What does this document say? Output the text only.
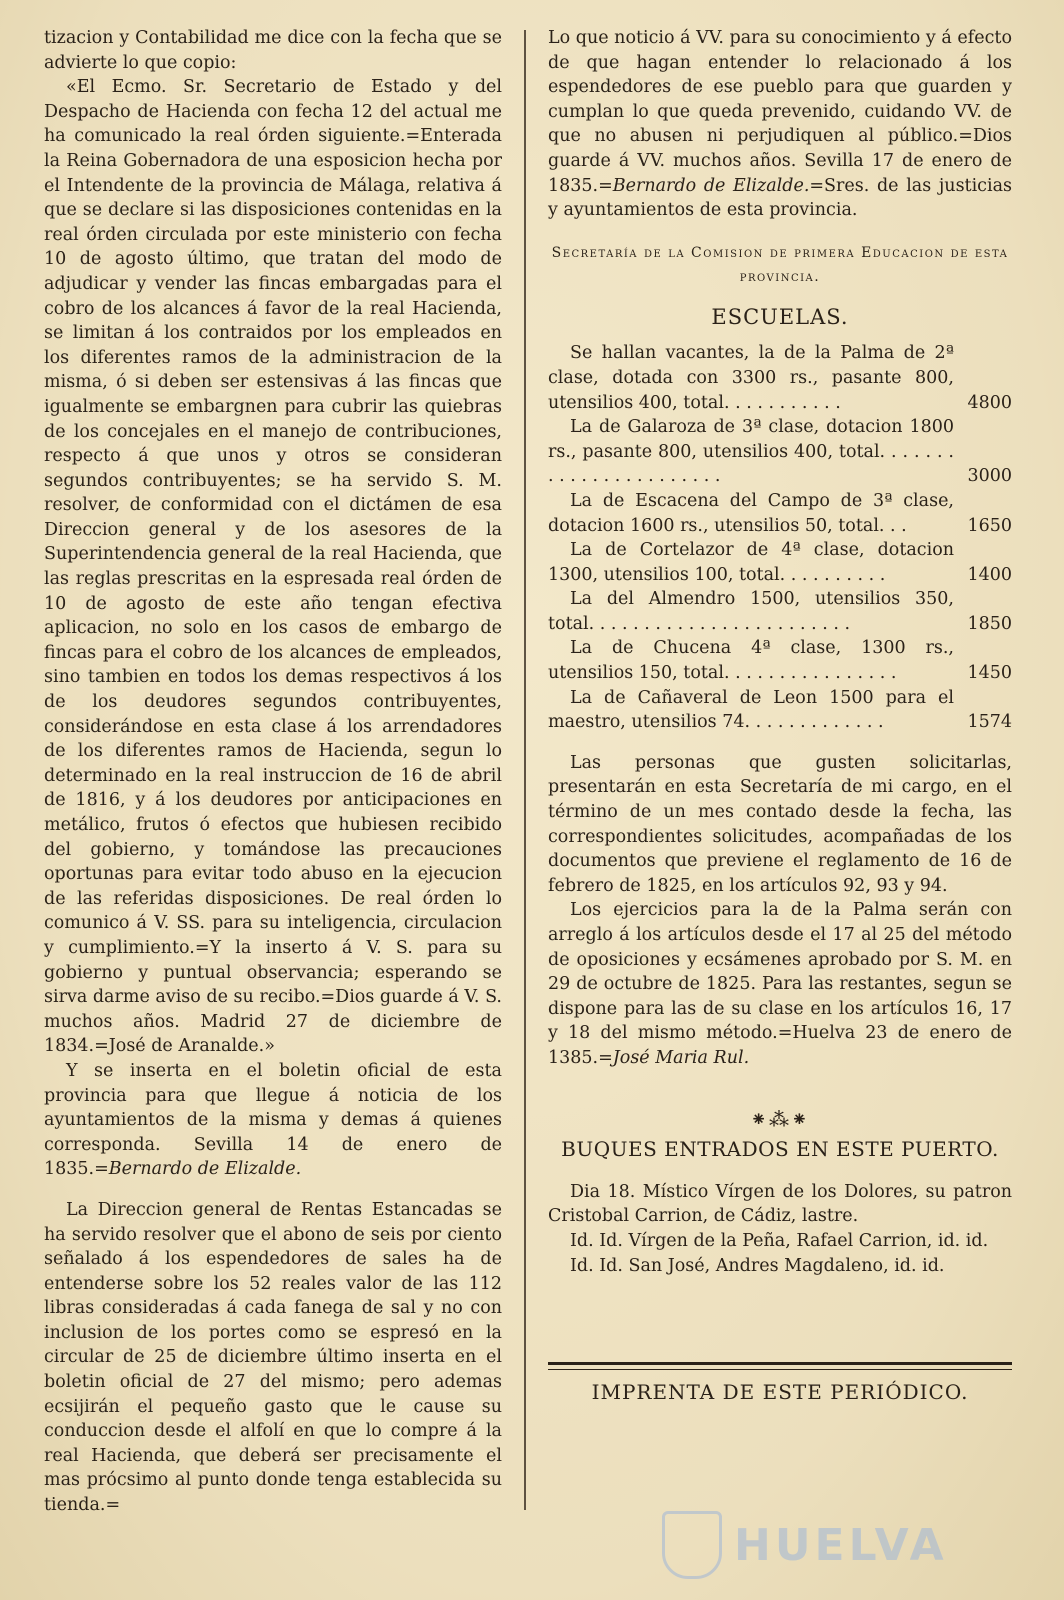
tizacion y Contabilidad me dice con la fecha que se advierte lo que copio:

«El Ecmo. Sr. Secretario de Estado y del Despacho de Hacienda con fecha 12 del actual me ha comunicado la real órden siguiente.=Enterada la Reina Gobernadora de una esposicion hecha por el Intendente de la provincia de Málaga, relativa á que se declare si las disposiciones contenidas en la real órden circulada por este ministerio con fecha 10 de agosto último, que tratan del modo de adjudicar y vender las fincas embargadas para el cobro de los alcances á favor de la real Hacienda, se limitan á los contraidos por los empleados en los diferentes ramos de la administracion de la misma, ó si deben ser estensivas á las fincas que igualmente se embargnen para cubrir las quiebras de los concejales en el manejo de contribuciones, respecto á que unos y otros se consideran segundos contribuyentes; se ha servido S. M. resolver, de conformidad con el dictámen de esa Direccion general y de los asesores de la Superintendencia general de la real Hacienda, que las reglas prescritas en la espresada real órden de 10 de agosto de este año tengan efectiva aplicacion, no solo en los casos de embargo de fincas para el cobro de los alcances de empleados, sino tambien en todos los demas respectivos á los de los deudores segundos contribuyentes, considerándose en esta clase á los arrendadores de los diferentes ramos de Hacienda, segun lo determinado en la real instruccion de 16 de abril de 1816, y á los deudores por anticipaciones en metálico, frutos ó efectos que hubiesen recibido del gobierno, y tomándose las precauciones oportunas para evitar todo abuso en la ejecucion de las referidas disposiciones. De real órden lo comunico á V. SS. para su inteligencia, circulacion y cumplimiento.=Y la inserto á V. S. para su gobierno y puntual observancia; esperando se sirva darme aviso de su recibo.=Dios guarde á V. S. muchos años. Madrid 27 de diciembre de 1834.=José de Aranalde.»

Y se inserta en el boletin oficial de esta provincia para que llegue á noticia de los ayuntamientos de la misma y demas á quienes corresponda. Sevilla 14 de enero de 1835.=Bernardo de Elizalde.

La Direccion general de Rentas Estancadas se ha servido resolver que el abono de seis por ciento señalado á los espendedores de sales ha de entenderse sobre los 52 reales valor de las 112 libras consideradas á cada fanega de sal y no con inclusion de los portes como se espresó en la circular de 25 de diciembre último inserta en el boletin oficial de 27 del mismo; pero ademas ecsijirán el pequeño gasto que le cause su conduccion desde el alfolí en que lo compre á la real Hacienda, que deberá ser precisamente el mas prócsimo al punto donde tenga establecida su tienda.=

Lo que noticio á VV. para su conocimiento y á efecto de que hagan entender lo relacionado á los espendedores de ese pueblo para que guarden y cumplan lo que queda prevenido, cuidando VV. de que no abusen ni perjudiquen al público.=Dios guarde á VV. muchos años. Sevilla 17 de enero de 1835.=Bernardo de Elizalde.=Sres. de las justicias y ayuntamientos de esta provincia.

Secretaría de la Comision de primera Educacion de esta provincia.
ESCUELAS.
Se hallan vacantes, la de la Palma de 2ª clase, dotada con 3300 rs., pasante 800, utensilios 400, total. . . . . . . . . . .	4800
La de Galaroza de 3ª clase, dotacion 1800 rs., pasante 800, utensilios 400, total. . . . . . . . . . . . . . . . . . . . . . .	3000
La de Escacena del Campo de 3ª clase, dotacion 1600 rs., utensilios 50, total. . .	1650
La de Cortelazor de 4ª clase, dotacion 1300, utensilios 100, total. . . . . . . . . .	1400
La del Almendro 1500, utensilios 350, total. . . . . . . . . . . . . . . . . . . . . . . .	1850
La de Chucena 4ª clase, 1300 rs., utensilios 150, total. . . . . . . . . . . . . . . .	1450
La de Cañaveral de Leon 1500 para el maestro, utensilios 74. . . . . . . . . . . . .	1574

Las personas que gusten solicitarlas, presentarán en esta Secretaría de mi cargo, en el término de un mes contado desde la fecha, las correspondientes solicitudes, acompañadas de los documentos que previene el reglamento de 16 de febrero de 1825, en los artículos 92, 93 y 94.

Los ejercicios para la de la Palma serán con arreglo á los artículos desde el 17 al 25 del método de oposiciones y ecsámenes aprobado por S. M. en 29 de octubre de 1825. Para las restantes, segun se dispone para las de su clase en los artículos 16, 17 y 18 del mismo método.=Huelva 23 de enero de 1385.=José Maria Rul.

⁕⁂⁕
BUQUES ENTRADOS EN ESTE PUERTO.

Dia 18. Místico Vírgen de los Dolores, su patron Cristobal Carrion, de Cádiz, lastre.

Id. Id. Vírgen de la Peña, Rafael Carrion, id. id.

Id. Id. San José, Andres Magdaleno, id. id.

IMPRENTA DE ESTE PERIÓDICO.
HUELVA
